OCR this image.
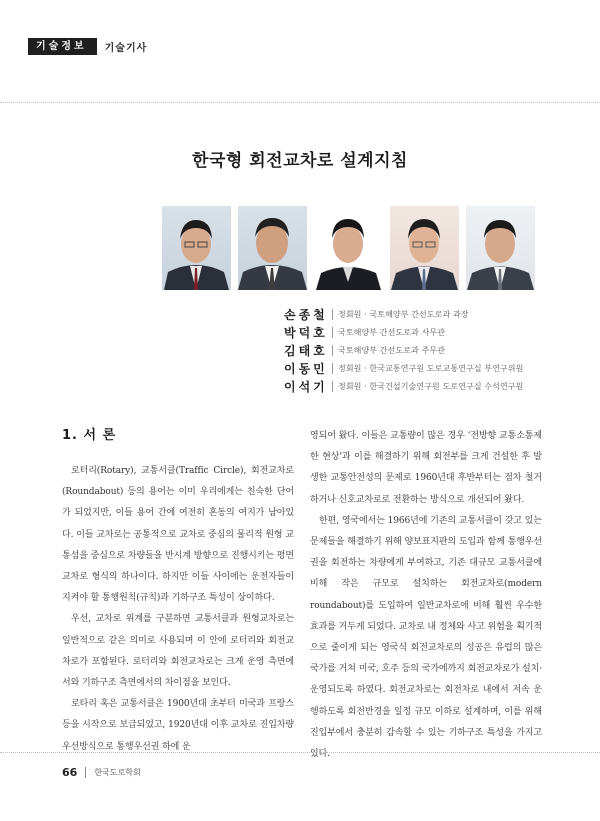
기술정보	기술기사
한국형 회전교차로 설계지침
손종철 정회원 · 국토해양부 간선도로과 과장
박덕호 국토해양부 간선도로과 사무관
김태호 국토해양부 간선도로과 주무관
이동민 정회원 · 한국교통연구원 도로교통연구실 부연구위원
이석기 정회원 · 한국건설기술연구원 도로연구실 수석연구원
1. 서 론

로터리(Rotary), 교통서클(Traffic Circle), 회전교차로(Roundabout) 등의 용어는 이미 우리에게는 친숙한 단어가 되었지만, 이들 용어 간에 여전히 혼동의 여지가 남아있다. 이들 교차로는 공통적으로 교차로 중심의 물리적 원형 교통섬을 중심으로 차량들을 반시계 방향으로 진행시키는 평면교차로 형식의 하나이다. 하지만 이들 사이에는 운전자들이 지켜야 할 통행원칙(규칙)과 기하구조 특성이 상이하다.

우선, 교차로 위계를 구분하면 교통서클과 원형교차로는 일반적으로 같은 의미로 사용되며 이 안에 로터리와 회전교차로가 포함된다. 로터리와 회전교차로는 크게 운영 측면에서와 기하구조 측면에서의 차이점을 보인다.

로타리 혹은 교통서클은 1900년대 초부터 미국과 프랑스 등을 시작으로 보급되었고, 1920년대 이후 교차로 진입차량 우선방식으로 통행우선권 하에 운

영되어 왔다. 이들은 교통량이 많은 경우 ‘전방향 교통소통제한 현상’과 이를 해결하기 위해 회전부를 크게 건설한 후 발생한 교통안전성의 문제로 1960년대 후반부터는 점차 철거하거나 신호교차로로 전환하는 방식으로 개선되어 왔다.

한편, 영국에서는 1966년에 기존의 교통서클이 갖고 있는 문제들을 해결하기 위해 양보표지판의 도입과 함께 통행우선권을 회전하는 차량에게 부여하고, 기존 대규모 교통서클에 비해 작은 규모로 설치하는 회전교차로(modern roundabout)를 도입하여 일반교차로에 비해 훨씬 우수한 효과를 거두게 되었다. 교차로 내 정체와 사고 위험을 획기적으로 줄이게 되는 영국식 회전교차로의 성공은 유럽의 많은 국가를 거쳐 미국, 호주 등의 국가에까지 회전교차로가 설치·운영되도록 하였다. 회전교차로는 회전차로 내에서 저속 운행하도록 회전반경을 일정 규모 이하로 설계하며, 이를 위해 진입부에서 충분히 감속할 수 있는 기하구조 특성을 가지고 있다.

66 한국도로학회
